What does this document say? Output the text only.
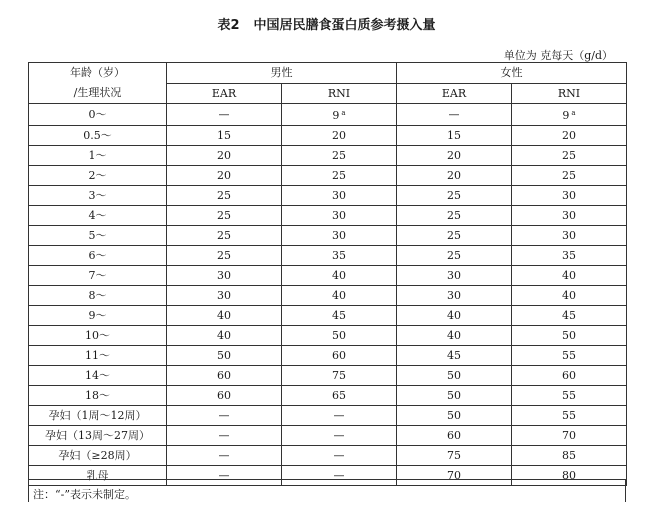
表2 中国居民膳食蛋白质参考摄入量
单位为 克每天（g/d）
年龄（岁）
/生理状况	男性		女性	
	EAR	RNI	EAR	RNI
0～	—	9 $^a$	—	9 $^a$
0.5～	15	20	15	20
1～	20	25	20	25
2～	20	25	20	25
3～	25	30	25	30
4～	25	30	25	30
5～	25	30	25	30
6～	25	35	25	35
7～	30	40	30	40
8～	30	40	30	40
9～	40	45	40	45
10～	40	50	40	50
11～	50	60	45	55
14～	60	75	50	60
18～	60	65	50	55
孕妇（1周～12周）	—	—	50	55
孕妇（13周～27周）	—	—	60	70
孕妇（≥28周）	—	—	75	85
乳母	—	—	70	80
注：“-”表示未制定。
